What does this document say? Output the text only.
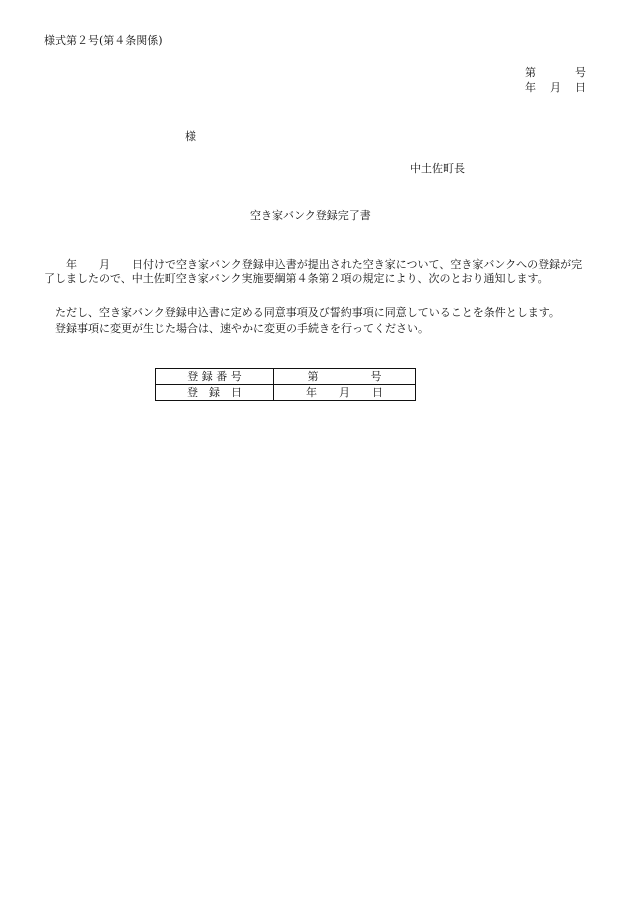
様式第２号(第４条関係)
第	号
年 月 日
様
中土佐町長
空き家バンク登録完了書
年 月 日付けで空き家バンク登録申込書が提出された空き家について、空き家バンクへの登録が完了しましたので、中土佐町空き家バンク実施要綱第４条第２項の規定により、次のとおり通知します。
ただし、空き家バンク登録申込書に定める同意事項及び誓約事項に同意していることを条件とします。
登録事項に変更が生じた場合は、速やかに変更の手続きを行ってください。
登 録 番 号	第 号
登　録　日	年 月 日
